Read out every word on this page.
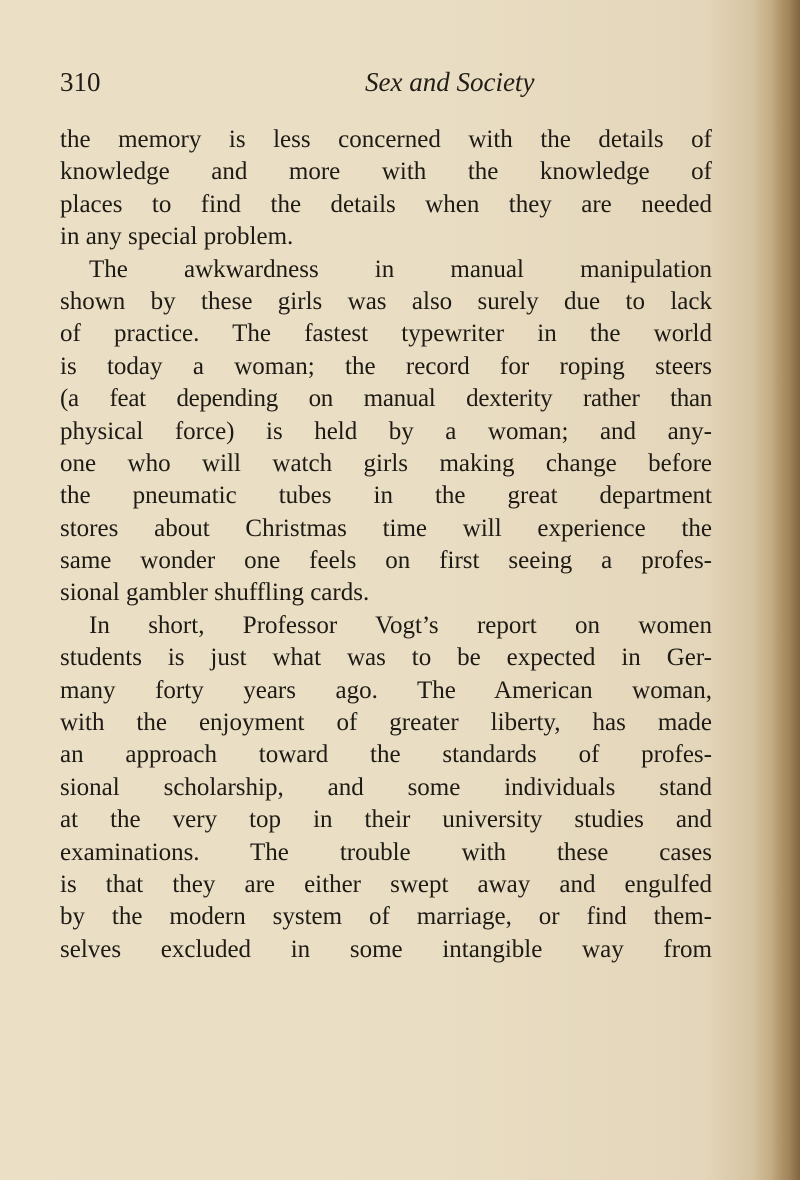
310	Sex and Society
the memory is less concerned with the details of
knowledge and more with the knowledge of
places to find the details when they are needed
in any special problem.
The awkwardness in manual manipulation
shown by these girls was also surely due to lack
of practice. The fastest typewriter in the world
is today a woman; the record for roping steers
(a feat depending on manual dexterity rather than
physical force) is held by a woman; and any-
one who will watch girls making change before
the pneumatic tubes in the great department
stores about Christmas time will experience the
same wonder one feels on first seeing a profes-
sional gambler shuffling cards.
In short, Professor Vogt’s report on women
students is just what was to be expected in Ger-
many forty years ago. The American woman,
with the enjoyment of greater liberty, has made
an approach toward the standards of profes-
sional scholarship, and some individuals stand
at the very top in their university studies and
examinations. The trouble with these cases
is that they are either swept away and engulfed
by the modern system of marriage, or find them-
selves excluded in some intangible way from
